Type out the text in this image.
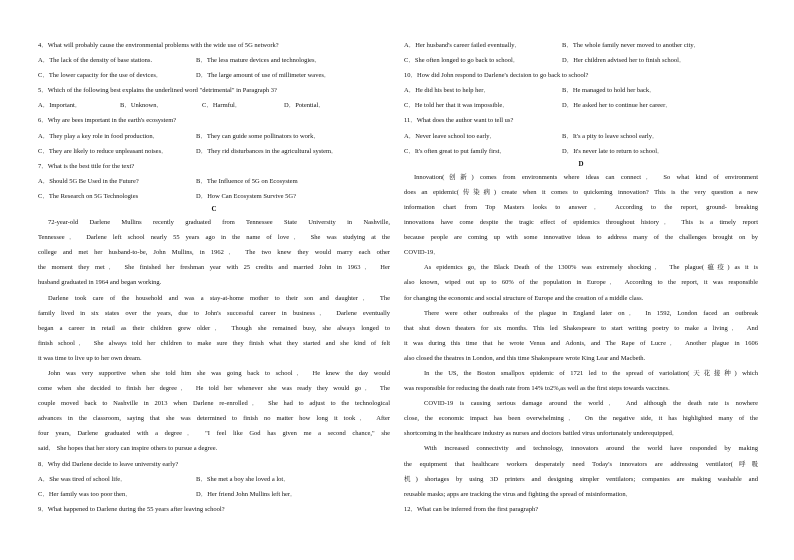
4．What will probably cause the environmental problems with the wide use of 5G network?
A．The lack of the density of base stations.	B．The less mature devices and technologies．
C．The lower capacity for the use of devices．	D．The large amount of use of millimeter waves．
5．Which of the following best explains the underlined word "detrimental" in Paragraph 3?
A．Important．	B．Unknown．	C．Harmful．	D．Potential．
6．Why are bees important in the earth's ecosystem?
A．They play a key role in food production．	B．They can guide some pollinators to work．
C．They are likely to reduce unpleasant noises．	D．They rid disturbances in the agricultural system．
7．What is the best title for the text?
A．Should 5G Be Used in the Future?	B．The Influence of 5G on Ecosystem
C．The Research on 5G Technologies	D．How Can Ecosystem Survive 5G?
C
72-year-old Darlene Mullins recently graduated from Tennessee State University in Nashville,
Tennessee． Darlene left school nearly 55 years ago in the name of love． She was studying at the
college and met her husband-to-be, John Mullins, in 1962． The two knew they would marry each other
the moment they met． She finished her freshman year with 25 credits and married John in 1963． Her
husband graduated in 1964 and began working.
Darlene took care of the household and was a stay-at-home mother to their son and daughter． The
family lived in six states over the years, due to John's successful career in business． Darlene eventually
began a career in retail as their children grew older． Though she remained busy, she always longed to
finish school． She always told her children to make sure they finish what they started and she kind of felt
it was time to live up to her own dream.
John was very supportive when she told him she was going back to school． He knew the day would
come when she decided to finish her degree． He told her whenever she was ready they would go． The
couple moved back to Nashville in 2013 when Darlene re-enrolled． She had to adjust to the technological
advances in the classroom, saying that she was determined to finish no matter how long it took． After
four years, Darlene graduated with a degree． "I feel like God has given me a second chance," she
said． She hopes that her story can inspire others to pursue a degree.
8．Why did Darlene decide to leave university early?
A．She was tired of school life．	B．She met a boy she loved a lot．
C．Her family was too poor then．	D．Her friend John Mullins left her．
9．What happened to Darlene during the 55 years after leaving school?
A．Her husband's career failed eventually．	B．The whole family never moved to another city．
C．She often longed to go back to school．	D．Her children advised her to finish school．
10．How did John respond to Darlene's decision to go back to school?
A．He did his best to help her．	B．He managed to hold her back．
C．He told her that it was impossible．	D．He asked her to continue her career．
11．What does the author want to tell us?
A．Never leave school too early．	B．It's a pity to leave school early．
C．It's often great to put family first．	D．It's never late to return to school．
D
Innovation(创新) comes from environments where ideas can connect． So what kind of environment
does an epidemic(传染病) create when it comes to quickening innovation? This is the very question a new
information chart from Top Masters looks to answer． According to the report, ground- breaking
innovations have come despite the tragic effect of epidemics throughout history． This is a timely report
because people are coming up with some innovative ideas to address many of the challenges brought on by
COVID-19．
As epidemics go, the Black Death of the 1300% was extremely shocking． The plague(瘟疫) as it is
also known, wiped out up to 60% of the population in Europe． According to the report, it was responsible
for changing the economic and social structure of Europe and the creation of a middle class.
There were other outbreaks of the plague in England later on． In 1592, London faced an outbreak
that shut down theaters for six months. This led Shakespeare to start writing poetry to make a living． And
it was during this time that he wrote Venus and Adonis, and The Rape of Lucre． Another plague in 1606
also closed the theatres in London, and this time Shakespeare wrote King Lear and Macbeth.
In the US, the Boston smallpox epidemic of 1721 led to the spread of variolation(天花接种) which
was responsible for reducing the death rate from 14% to2%,as well as the first steps towards vaccines.
COVID-19 is causing serious damage around the world． And although the death rate is nowhere
close, the economic impact has been overwhelming． On the negative side, it has highlighted many of the
shortcoming in the healthcare industry as nurses and doctors battled virus unfortunately underequipped．
With increased connectivity and technology, innovators around the world have responded by making
the equipment that healthcare workers desperately need Today's innovators are addressing ventilator(呼吸
机) shortages by using 3D printers and designing simpler ventilators; companies are making washable and
reusable masks; apps are tracking the virus and fighting the spread of misinformation．
12．What can be inferred from the first paragraph?
